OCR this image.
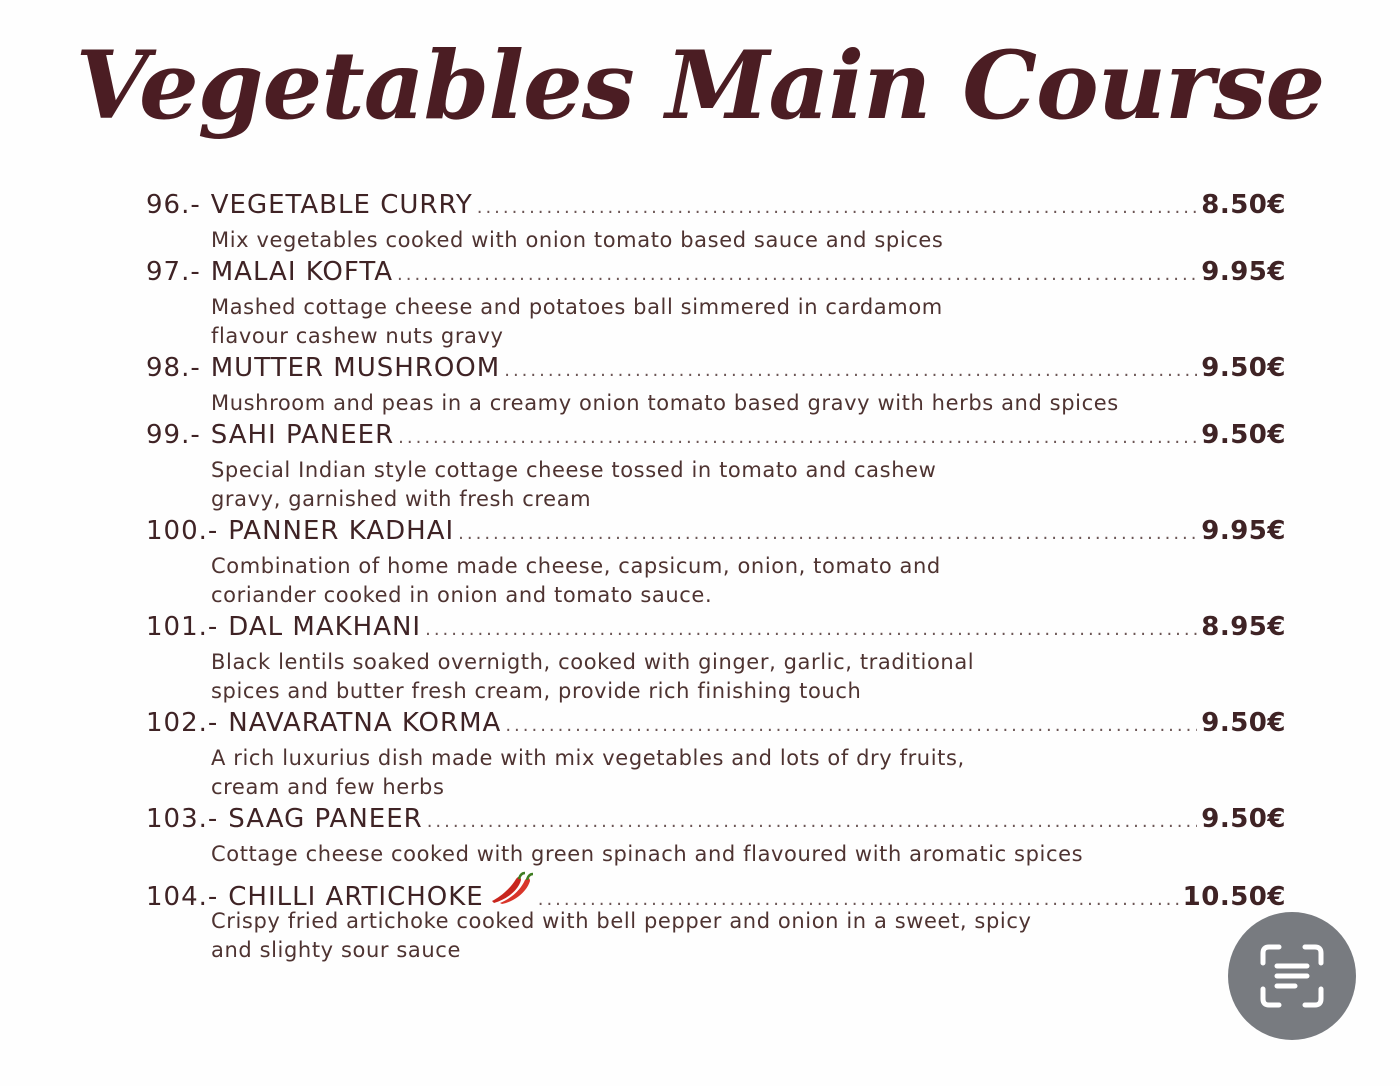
Vegetables Main Course
96.- VEGETABLE CURRY .....	8.50€
Mix vegetables cooked with onion tomato based sauce and spices
97.- MALAI KOFTA .....	9.95€
Mashed cottage cheese and potatoes ball simmered in cardamom
flavour cashew nuts gravy
98.- MUTTER MUSHROOM .....	9.50€
Mushroom and peas in a creamy onion tomato based gravy with herbs and spices
99.- SAHI PANEER .....	9.50€
Special Indian style cottage cheese tossed in tomato and cashew
gravy, garnished with fresh cream
100.- PANNER KADHAI .....	9.95€
Combination of home made cheese, capsicum, onion, tomato and
coriander cooked in onion and tomato sauce.
101.- DAL MAKHANI .....	8.95€
Black lentils soaked overnigth, cooked with ginger, garlic, traditional
spices and butter fresh cream, provide rich finishing touch
102.- NAVARATNA KORMA .....	9.50€
A rich luxurius dish made with mix vegetables and lots of dry fruits,
cream and few herbs
103.- SAAG PANEER .....	9.50€
Cottage cheese cooked with green spinach and flavoured with aromatic spices
104.- CHILLI ARTICHOKE .....	10.50€
Crispy fried artichoke cooked with bell pepper and onion in a sweet, spicy
and slighty sour sauce
